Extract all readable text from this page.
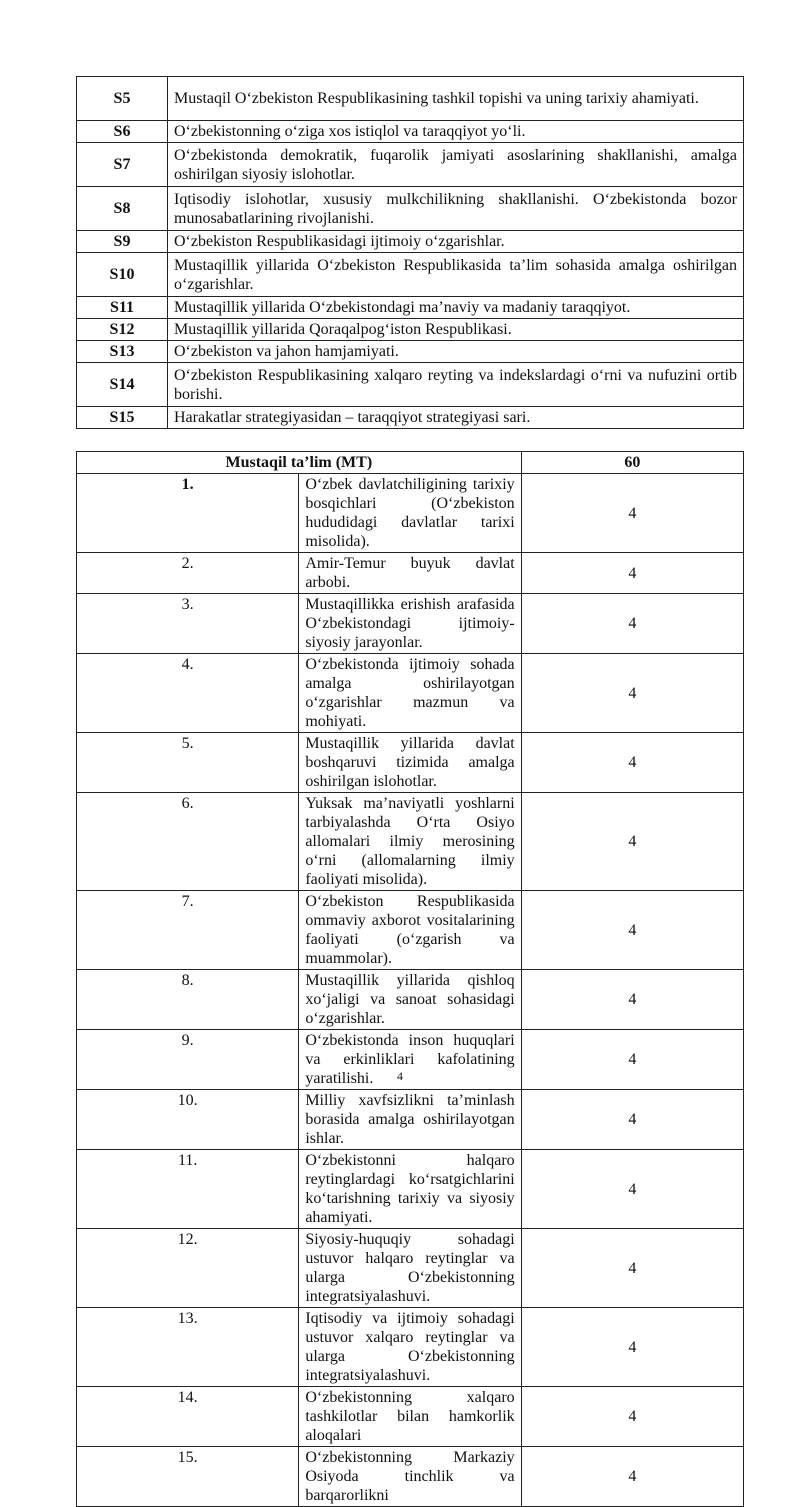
S5	Mustaqil O‘zbekiston Respublikasining tashkil topishi va uning tarixiy ahamiyati.
S6	O‘zbekistonning o‘ziga xos istiqlol va taraqqiyot yo‘li.
S7	O‘zbekistonda demokratik, fuqarolik jamiyati asoslarining shakllanishi, amalga oshirilgan siyosiy islohotlar.
S8	Iqtisodiy islohotlar, xususiy mulkchilikning shakllanishi. O‘zbekistonda bozor munosabatlarining rivojlanishi.
S9	O‘zbekiston Respublikasidagi ijtimoiy o‘zgarishlar.
S10	Mustaqillik yillarida O‘zbekiston Respublikasida ta’lim sohasida amalga oshirilgan o‘zgarishlar.
S11	Mustaqillik yillarida O‘zbekistondagi ma’naviy va madaniy taraqqiyot.
S12	Mustaqillik yillarida Qoraqalpog‘iston Respublikasi.
S13	O‘zbekiston va jahon hamjamiyati.
S14	O‘zbekiston Respublikasining xalqaro reyting va indekslardagi o‘rni va nufuzini ortib borishi.
S15	Harakatlar strategiyasidan – taraqqiyot strategiyasi sari.
Mustaqil ta’lim (MT)		60
1.	O‘zbek davlatchiligining tarixiy bosqichlari (O‘zbekiston hududidagi davlatlar tarixi misolida).	4
2.	Amir-Temur buyuk davlat arbobi.	4
3.	Mustaqillikka erishish arafasida O‘zbekistondagi ijtimoiy-siyosiy jarayonlar.	4
4.	O‘zbekistonda ijtimoiy sohada amalga oshirilayotgan o‘zgarishlar mazmun va mohiyati.	4
5.	Mustaqillik yillarida davlat boshqaruvi tizimida amalga oshirilgan islohotlar.	4
6.	Yuksak ma’naviyatli yoshlarni tarbiyalashda O‘rta Osiyo allomalari ilmiy merosining o‘rni (allomalarning ilmiy faoliyati misolida).	4
7.	O‘zbekiston Respublikasida ommaviy axborot vositalarining faoliyati (o‘zgarish va muammolar).	4
8.	Mustaqillik yillarida qishloq xo‘jaligi va sanoat sohasidagi o‘zgarishlar.	4
9.	O‘zbekistonda inson huquqlari va erkinliklari kafolatining yaratilishi.	4
10.	Milliy xavfsizlikni ta’minlash borasida amalga oshirilayotgan ishlar.	4
11.	O‘zbekistonni halqaro reytinglardagi ko‘rsatgichlarini ko‘tarishning tarixiy va siyosiy ahamiyati.	4
12.	Siyosiy-huquqiy sohadagi ustuvor halqaro reytinglar va ularga O‘zbekistonning integratsiyalashuvi.	4
13.	Iqtisodiy va ijtimoiy sohadagi ustuvor xalqaro reytinglar va ularga O‘zbekistonning integratsiyalashuvi.	4
14.	O‘zbekistonning xalqaro tashkilotlar bilan hamkorlik aloqalari	4
15.	O‘zbekistonning Markaziy Osiyoda tinchlik va barqarorlikni	4
4
